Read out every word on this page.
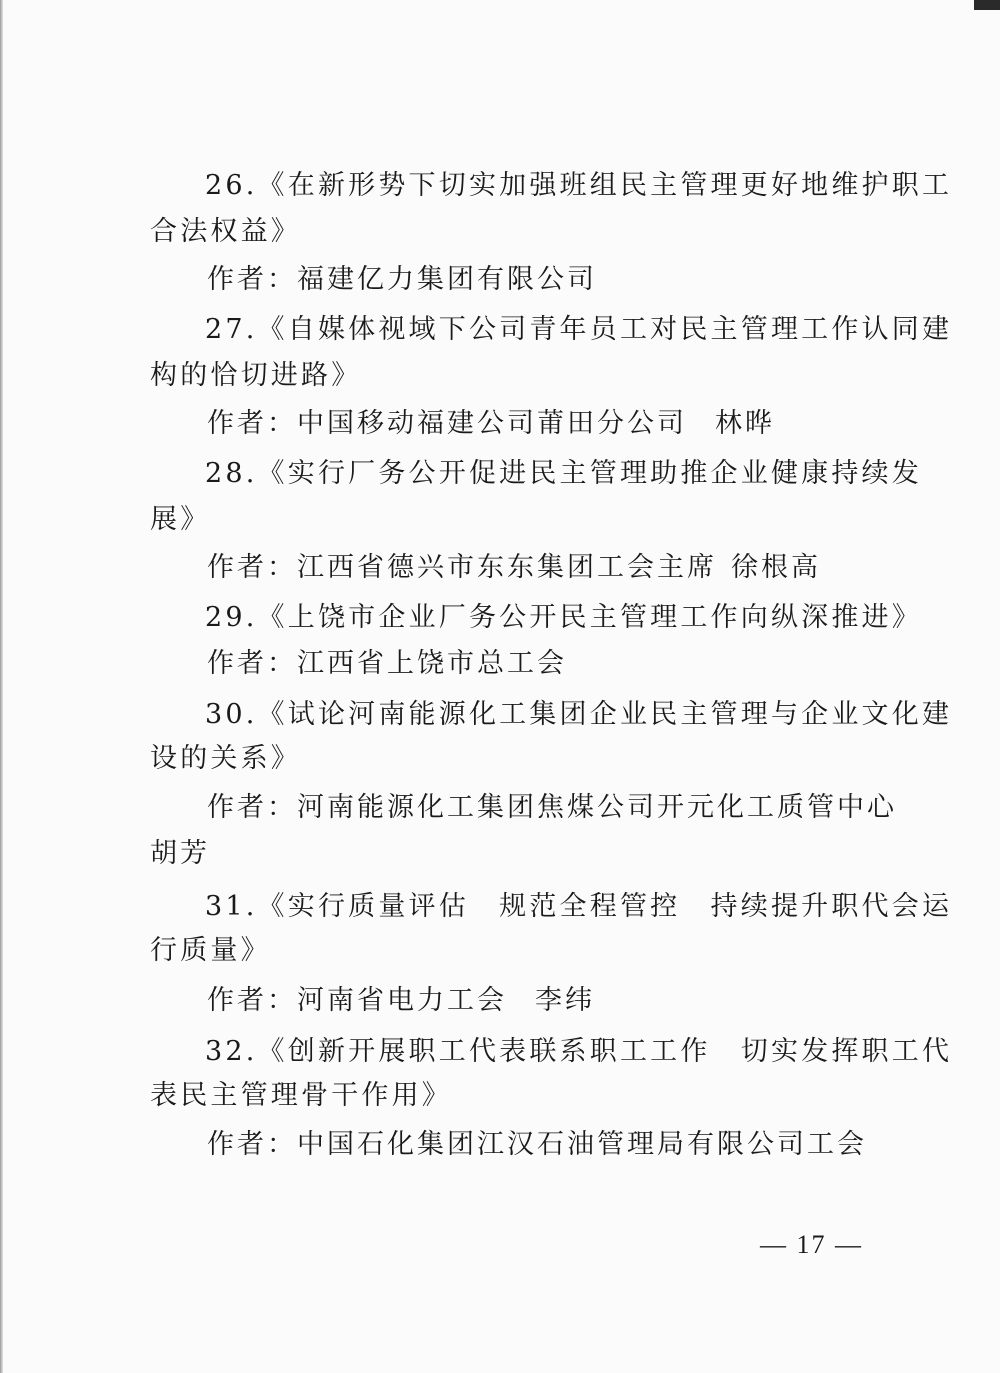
26.《在新形势下切实加强班组民主管理更好地维护职工
合法权益》
作者：福建亿力集团有限公司
27.《自媒体视域下公司青年员工对民主管理工作认同建
构的恰切进路》
作者：中国移动福建公司莆田分公司 林晔
28.《实行厂务公开促进民主管理助推企业健康持续发
展》
作者：江西省德兴市东东集团工会主席 徐根高
29.《上饶市企业厂务公开民主管理工作向纵深推进》
作者：江西省上饶市总工会
30.《试论河南能源化工集团企业民主管理与企业文化建
设的关系》
作者：河南能源化工集团焦煤公司开元化工质管中心
胡芳
31.《实行质量评估　规范全程管控　持续提升职代会运
行质量》
作者：河南省电力工会 李纬
32.《创新开展职工代表联系职工工作　切实发挥职工代
表民主管理骨干作用》
作者：中国石化集团江汉石油管理局有限公司工会
— 17 —
